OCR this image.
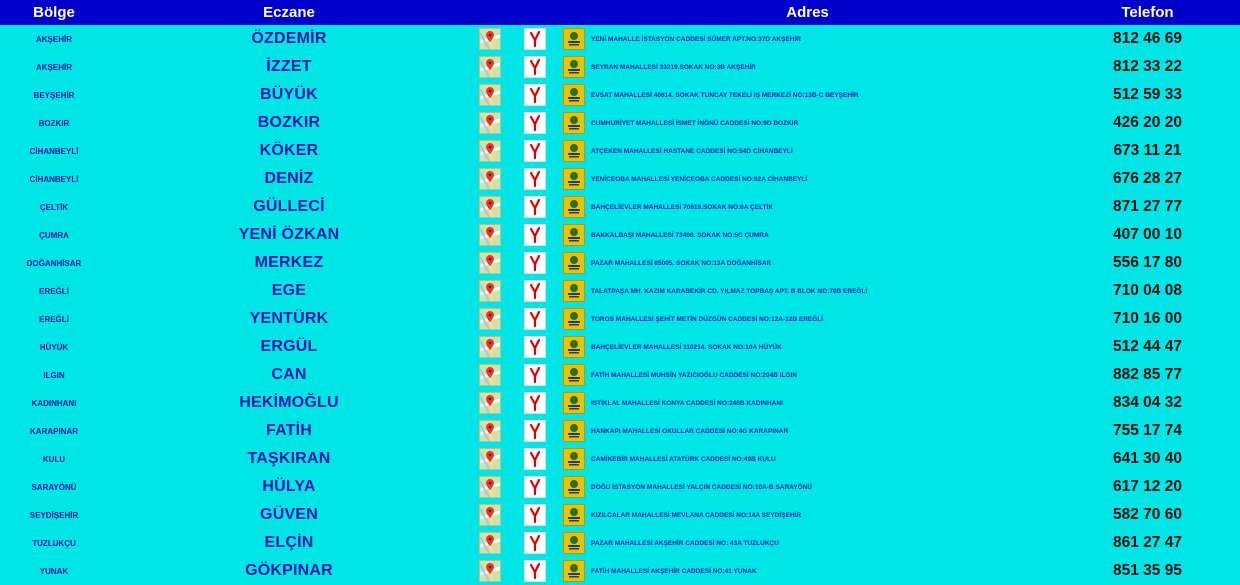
Bölge	Eczane			Adres		Telefon
AKŞEHİR	ÖZDEMİR				YENİ MAHALLE İSTASYON CADDESİ SÜMER APT.NO:37D AKŞEHİR	812 46 69
AKŞEHİR	İZZET				SEYRAN MAHALLESİ 33219.SOKAK NO:3B AKŞEHİR	812 33 22
BEYŞEHİR	BÜYÜK				EVSAT MAHALLESİ 40614. SOKAK TUNCAY TEKELİ İŞ MERKEZİ NO:13B-C BEYŞEHİR	512 59 33
BOZKIR	BOZKIR				CUMHURİYET MAHALLESİ İSMET İNÖNÜ CADDESİ NO:9D BOZKIR	426 20 20
CİHANBEYLİ	KÖKER				ATÇEKEN MAHALLESİ HASTANE CADDESİ NO:54D CİHANBEYLİ	673 11 21
CİHANBEYLİ	DENİZ				YENİCEOBA MAHALLESİ YENİCEOBA CADDESİ NO:92A CİHANBEYLİ	676 28 27
ÇELTİK	GÜLLECİ				BAHÇELİEVLER MAHALLESİ 70619.SOKAK NO:6A ÇELTİK	871 27 77
ÇUMRA	YENİ ÖZKAN				BAKKALBAŞI MAHALLESİ 73400. SOKAK NO:5C ÇUMRA	407 00 10
DOĞANHİSAR	MERKEZ				PAZAR MAHALLESİ 85005. SOKAK NO:13A DOĞANHİSAR	556 17 80
EREĞLİ	EGE				TALATPAŞA MH. KAZIM KARABEKİR CD. YILMAZ TOPBAŞ APT. B BLOK NO:70B EREĞLİ	710 04 08
EREĞLİ	YENTÜRK				TOROS MAHALLESİ ŞEHİT METİN DÜZGÜN CADDESİ NO:12A-12B EREĞLİ	710 16 00
HÜYÜK	ERGÜL				BAHÇELİEVLER MAHALLESİ 110214. SOKAK NO:10A HÜYÜK	512 44 47
ILGIN	CAN				FATİH MAHALLESİ MUHSİN YAZICIOĞLU CADDESİ NO:204B ILGIN	882 85 77
KADINHANI	HEKİMOĞLU				İSTİKLAL MAHALLESİ KONYA CADDESİ NO:240B KADINHANI	834 04 32
KARAPINAR	FATİH				HANKAPI MAHALLESİ OKULLAR CADDESİ NO:4G KARAPINAR	755 17 74
KULU	TAŞKIRAN				CAMİKEBİR MAHALLESİ ATATÜRK CADDESİ NO:49B KULU	641 30 40
SARAYÖNÜ	HÜLYA				DOĞU İSTASYON MAHALLESİ YALÇIN CADDESİ NO:10A-B SARAYÖNÜ	617 12 20
SEYDİŞEHİR	GÜVEN				KIZILCALAR MAHALLESİ MEVLANA CADDESİ NO:14A SEYDİŞEHİR	582 70 60
TUZLUKÇU	ELÇİN				PAZAR MAHALLESİ AKŞEHİR CADDESİ NO: 43A TUZLUKÇU	861 27 47
YUNAK	GÖKPINAR				FATİH MAHALLESİ AKŞEHİR CADDESİ NO:41 YUNAK	851 35 95
